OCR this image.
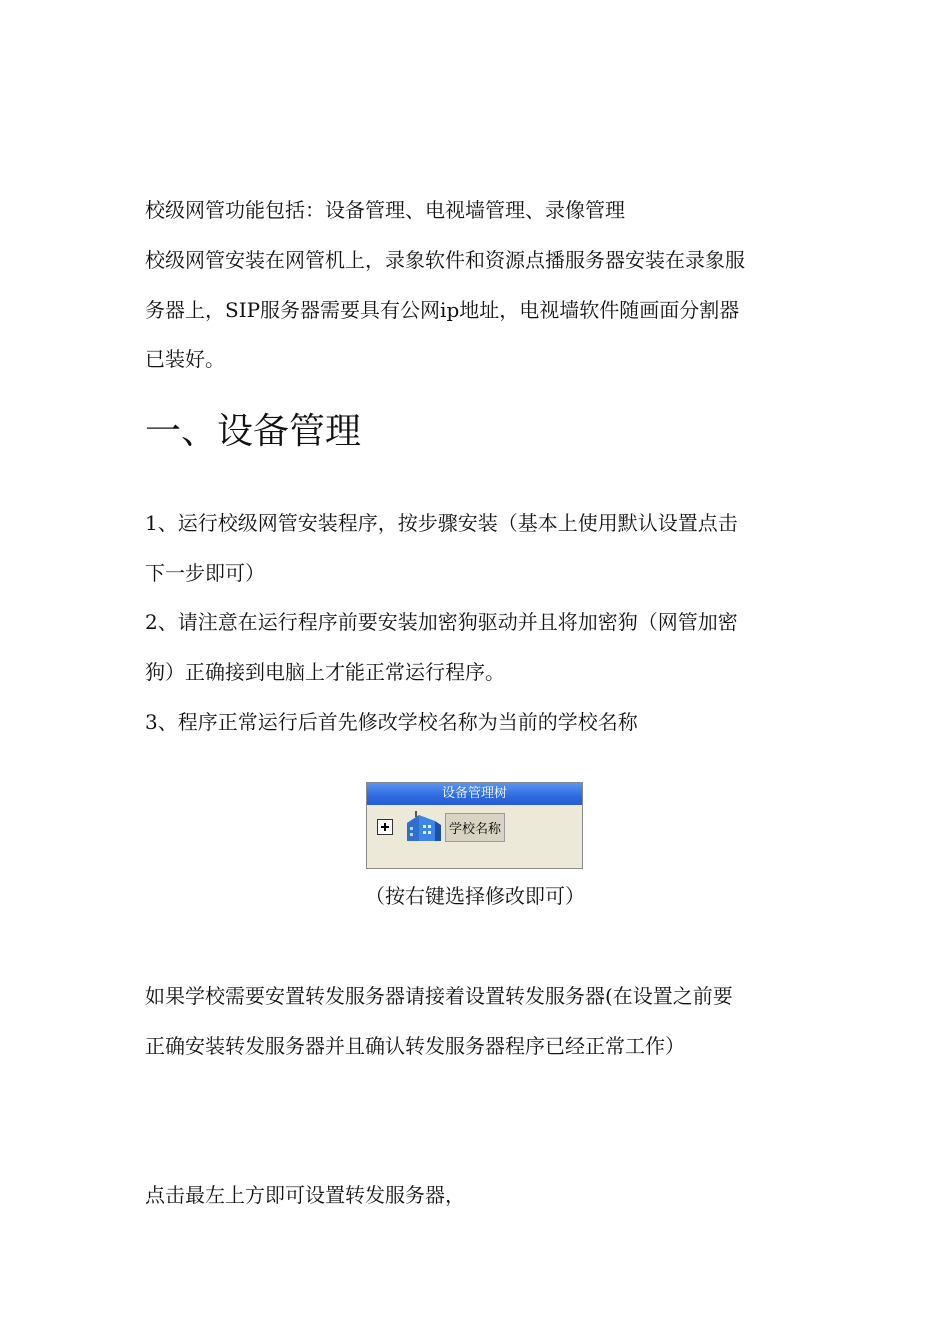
校级网管功能包括：设备管理、电视墙管理、录像管理

校级网管安装在网管机上，录象软件和资源点播服务器安装在录象服

务器上，SIP服务器需要具有公网ip地址，电视墙软件随画面分割器

已装好。

一、设备管理

1、运行校级网管安装程序，按步骤安装（基本上使用默认设置点击

下一步即可）

2、请注意在运行程序前要安装加密狗驱动并且将加密狗（网管加密

狗）正确接到电脑上才能正常运行程序。

3、程序正常运行后首先修改学校名称为当前的学校名称

设备管理树
学校名称
（按右键选择修改即可）

如果学校需要安置转发服务器请接着设置转发服务器(在设置之前要

正确安装转发服务器并且确认转发服务器程序已经正常工作）

点击最左上方即可设置转发服务器，
